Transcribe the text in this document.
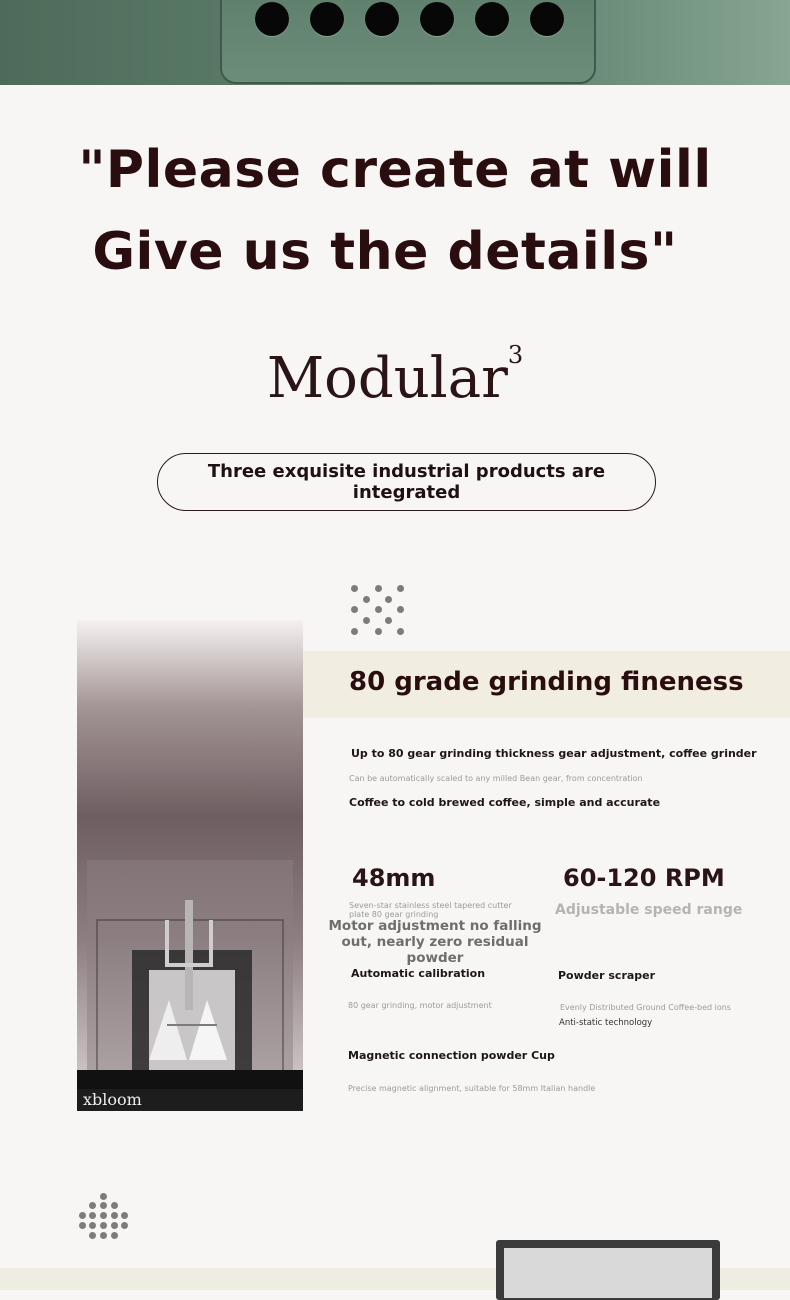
"Please create at will
Give us the details"
Modular$^3$
Three exquisite industrial products are integrated
xbloom
80 grade grinding fineness
Up to 80 gear grinding thickness gear adjustment, coffee grinder
Can be automatically scaled to any milled Bean gear, from concentration
Coffee to cold brewed coffee, simple and accurate
48mm
Seven-star stainless steel tapered cutter plate 80 gear grinding
Motor adjustment no falling out, nearly zero residual powder
60-120 RPM
Adjustable speed range
Automatic calibration
80 gear grinding, motor adjustment
Powder scraper
Evenly Distributed Ground Coffee-bed ions
Anti-static technology
Magnetic connection powder Cup
Precise magnetic alignment, suitable for 58mm Italian handle
